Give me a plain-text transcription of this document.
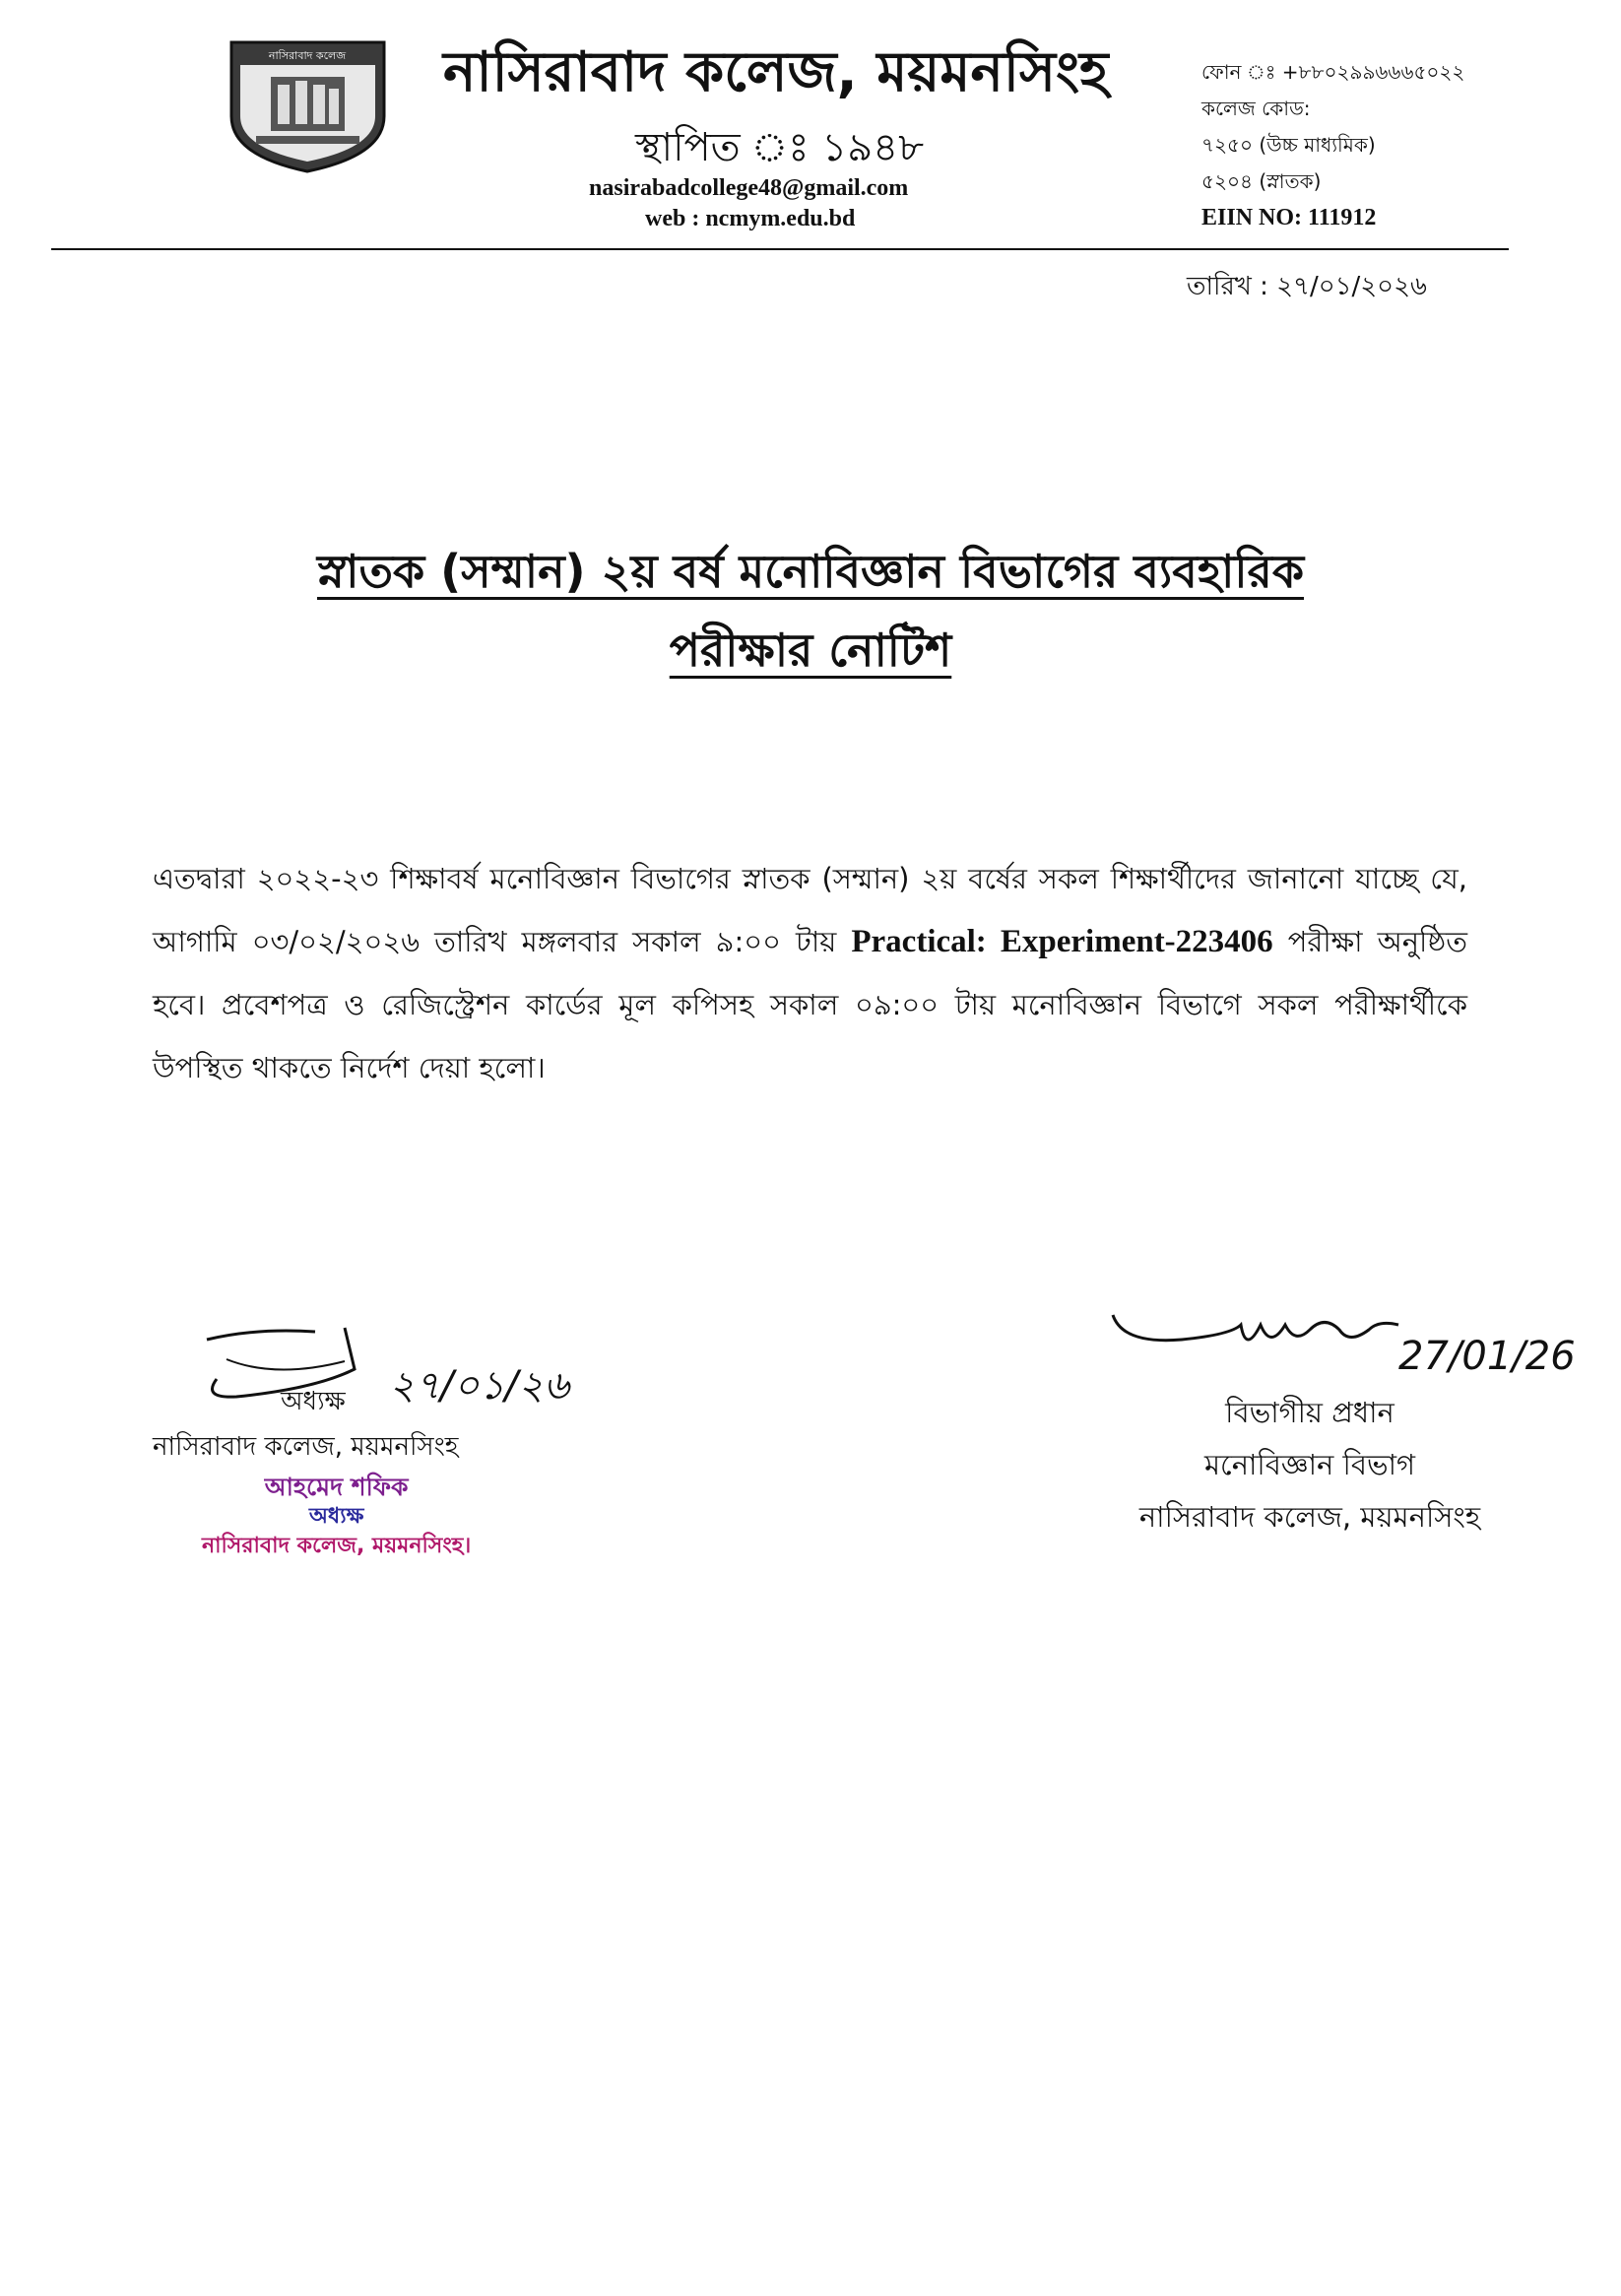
নাসিরাবাদ কলেজ নাসিরাবাদ কলেজ, ময়মনসিংহ
স্থাপিত ঃ ১৯৪৮
nasirabadcollege48@gmail.com
web : ncmym.edu.bd
ফোন ঃ +৮৮০২৯৯৬৬৬৫০২২
কলেজ কোড:
৭২৫০ (উচ্চ মাধ্যমিক)
৫২০৪ (স্নাতক)
EIIN NO: 111912
তারিখ : ২৭/০১/২০২৬
স্নাতক (সম্মান) ২য় বর্ষ মনোবিজ্ঞান বিভাগের ব্যবহারিক
পরীক্ষার নোটিশ
এতদ্বারা ২০২২-২৩ শিক্ষাবর্ষ মনোবিজ্ঞান বিভাগের স্নাতক (সম্মান) ২য় বর্ষের সকল শিক্ষার্থীদের জানানো যাচ্ছে যে, আগামি ০৩/০২/২০২৬ তারিখ মঙ্গলবার সকাল ৯:০০ টায় Practical: Experiment-223406 পরীক্ষা অনুষ্ঠিত হবে। প্রবেশপত্র ও রেজিস্ট্রেশন কার্ডের মূল কপিসহ সকাল ০৯:০০ টায় মনোবিজ্ঞান বিভাগে সকল পরীক্ষার্থীকে উপস্থিত থাকতে নির্দেশ দেয়া হলো।
২৭/০১/২৬
অধ্যক্ষ
নাসিরাবাদ কলেজ, ময়মনসিংহ
আহমেদ শফিক
অধ্যক্ষ
নাসিরাবাদ কলেজ, ময়মনসিংহ।
27/01/26
বিভাগীয় প্রধান
মনোবিজ্ঞান বিভাগ
নাসিরাবাদ কলেজ, ময়মনসিংহ
